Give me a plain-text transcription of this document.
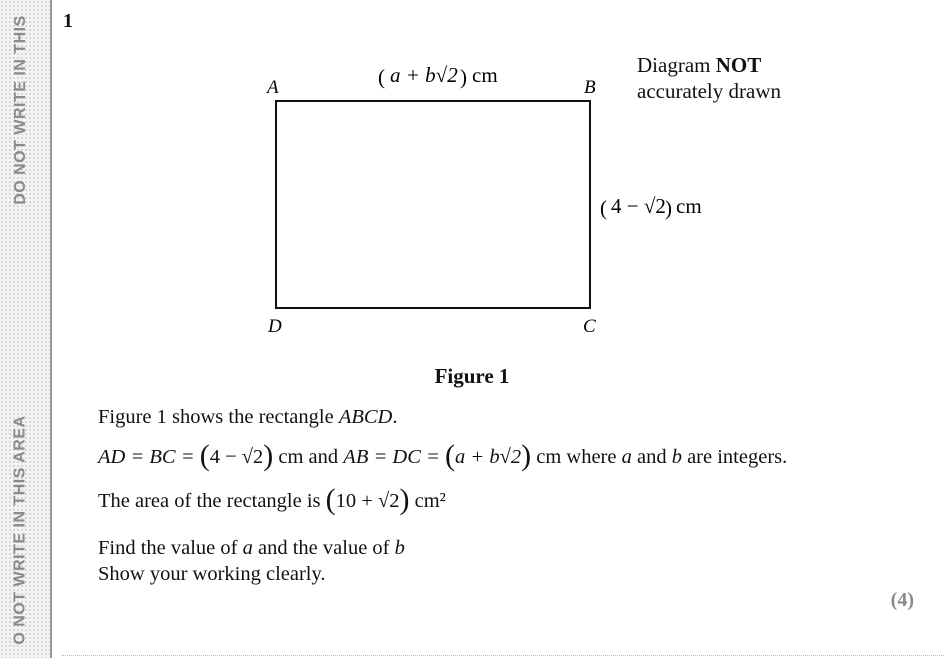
DO NOT WRITE IN THIS
O NOT WRITE IN THIS AREA
1
A	B
C
D
( a + b√2 ) cm
( 4 − √2 ) cm
Diagram NOT
accurately drawn
Figure 1
Figure 1 shows the rectangle ABCD.
AD = BC = (4 − √2) cm and AB = DC = (a + b√2) cm where a and b are integers.
The area of the rectangle is (10 + √2) cm²
Find the value of a and the value of b
Show your working clearly.
(4)
